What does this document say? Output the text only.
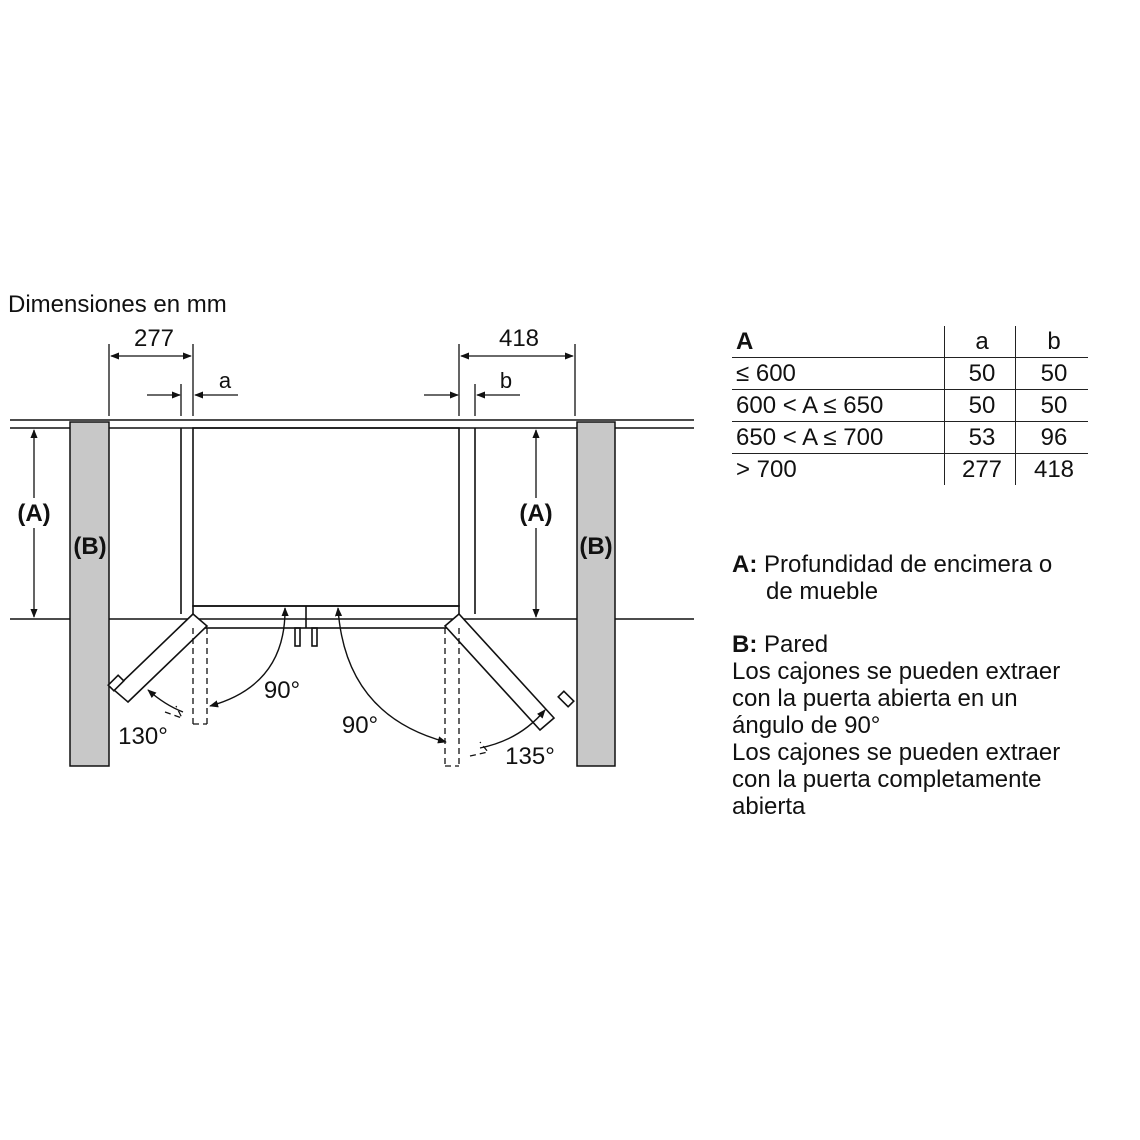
277	418
a	b
(A)	(A)
(B)	(B)
90°
130°	90°
135°
Dimensiones en mm
A	a	b
≤ 600	50	50
600 < A ≤ 650	50	50
650 < A ≤ 700	53	96
> 700	277	418
A: Profundidad de encimera o
de mueble
B: Pared
Los cajones se pueden extraer
con la puerta abierta en un
ángulo de 90°
Los cajones se pueden extraer
con la puerta completamente
abierta
